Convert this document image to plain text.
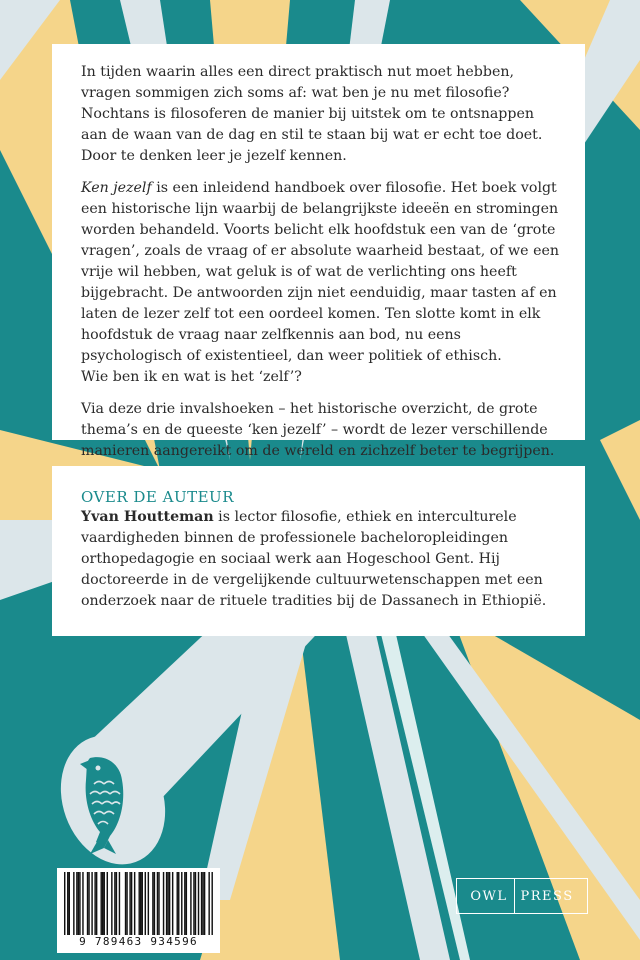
In tijden waarin alles een direct praktisch nut moet hebben, vragen sommigen zich soms af: wat ben je nu met filosofie? Nochtans is filosoferen de manier bij uitstek om te ontsnappen aan de waan van de dag en stil te staan bij wat er echt toe doet. Door te denken leer je jezelf kennen.

Ken jezelf is een inleidend handboek over filosofie. Het boek volgt een historische lijn waarbij de belangrijkste ideeën en stromingen worden behandeld. Voorts belicht elk hoofdstuk een van de ‘grote vragen’, zoals de vraag of er absolute waarheid bestaat, of we een vrije wil hebben, wat geluk is of wat de verlichting ons heeft bijgebracht. De antwoorden zijn niet eenduidig, maar tasten af en laten de lezer zelf tot een oordeel komen. Ten slotte komt in elk hoofdstuk de vraag naar zelfkennis aan bod, nu eens psychologisch of existentieel, dan weer politiek of ethisch.
Wie ben ik en wat is het ‘zelf’?

Via deze drie invalshoeken – het historische overzicht, de grote thema’s en de queeste ‘ken jezelf’ – wordt de lezer verschillende manieren aangereikt om de wereld en zichzelf beter te begrijpen.

OVER DE AUTEUR

Yvan Houtteman is lector filosofie, ethiek en interculturele vaardigheden binnen de professionele bacheloropleidingen orthopedagogie en sociaal werk aan Hogeschool Gent. Hij doctoreerde in de vergelijkende cultuurwetenschappen met een onderzoek naar de rituele tradities bij de Dassanech in Ethiopië.

9 789463 934596
OWL PRESS
